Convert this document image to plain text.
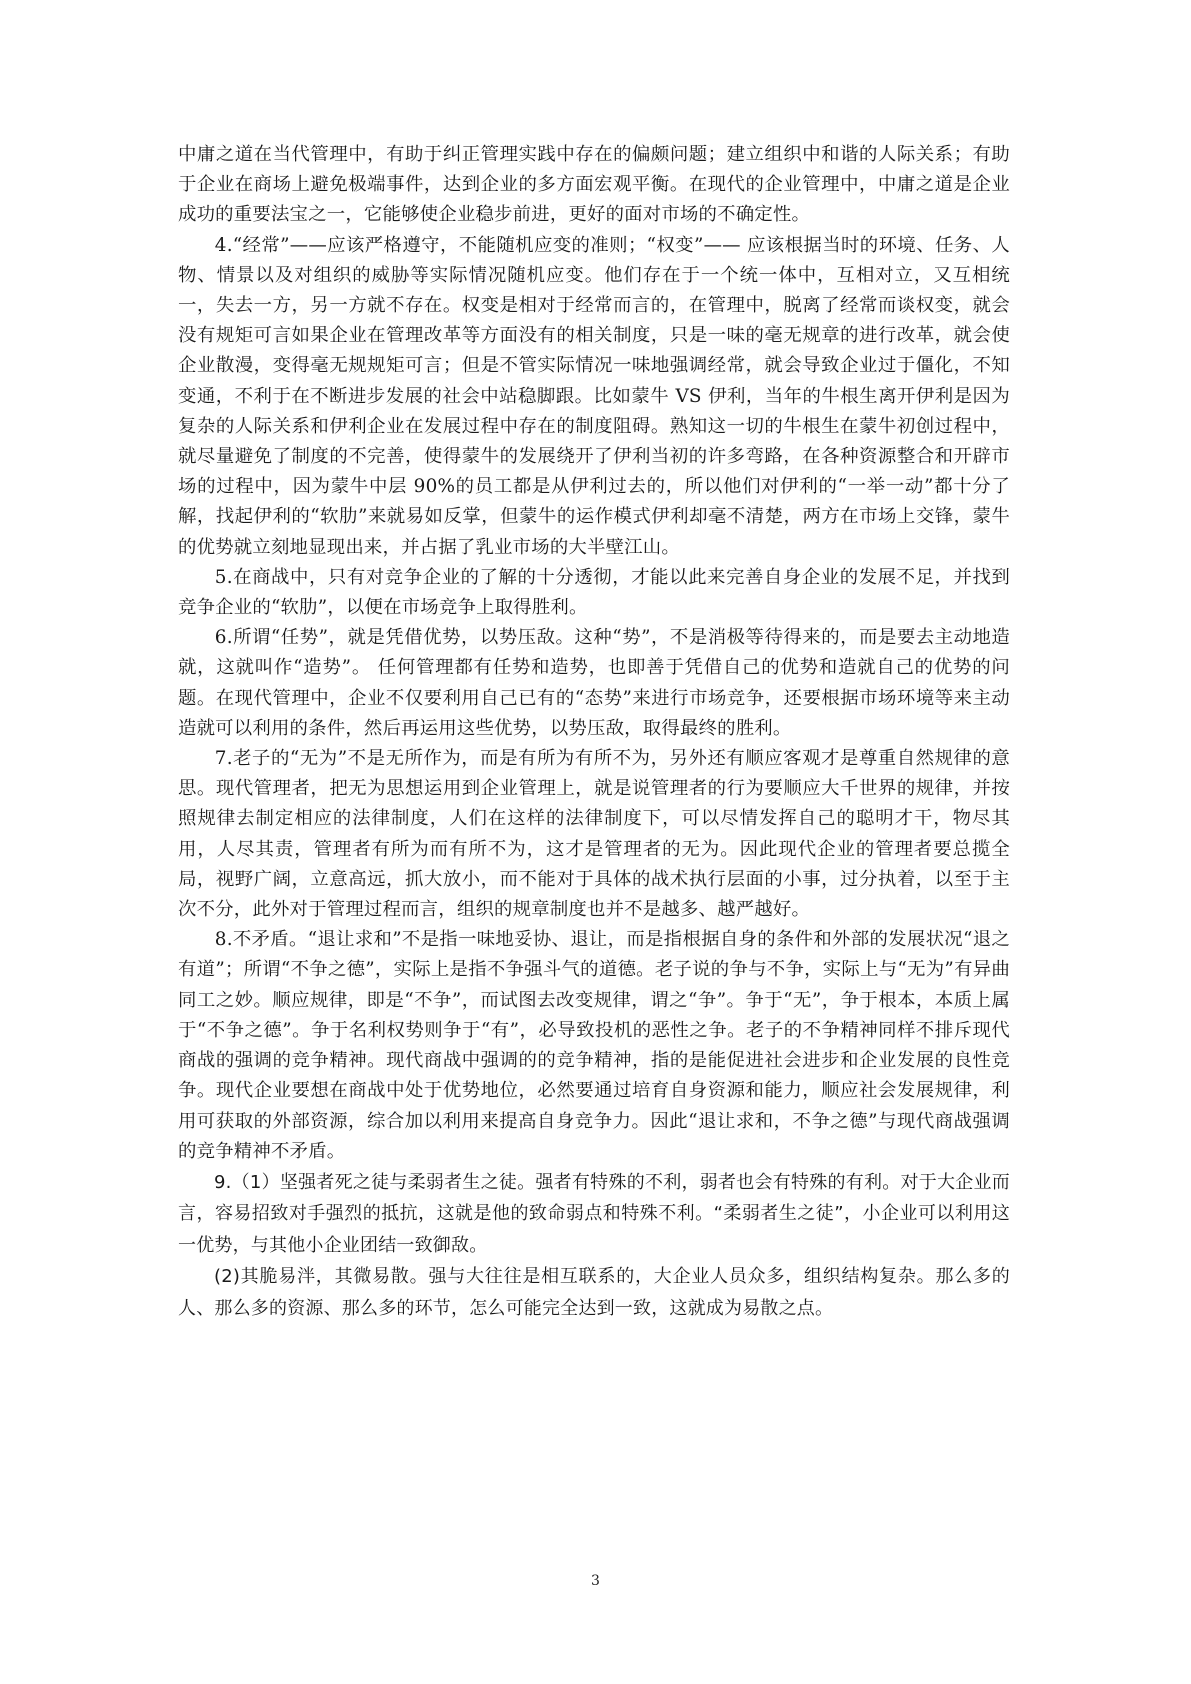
中庸之道在当代管理中，有助于纠正管理实践中存在的偏颇问题；建立组织中和谐的人际关系；有助于企业在商场上避免极端事件，达到企业的多方面宏观平衡。在现代的企业管理中，中庸之道是企业成功的重要法宝之一，它能够使企业稳步前进，更好的面对市场的不确定性。

4.“经常”——应该严格遵守，不能随机应变的准则；“权变”—— 应该根据当时的环境、任务、人物、情景以及对组织的威胁等实际情况随机应变。他们存在于一个统一体中，互相对立，又互相统一，失去一方，另一方就不存在。权变是相对于经常而言的，在管理中，脱离了经常而谈权变，就会没有规矩可言如果企业在管理改革等方面没有的相关制度，只是一味的毫无规章的进行改革，就会使企业散漫，变得毫无规规矩可言；但是不管实际情况一味地强调经常，就会导致企业过于僵化，不知变通，不利于在不断进步发展的社会中站稳脚跟。比如蒙牛 VS 伊利，当年的牛根生离开伊利是因为复杂的人际关系和伊利企业在发展过程中存在的制度阻碍。熟知这一切的牛根生在蒙牛初创过程中，就尽量避免了制度的不完善，使得蒙牛的发展绕开了伊利当初的许多弯路，在各种资源整合和开辟市场的过程中，因为蒙牛中层 90%的员工都是从伊利过去的，所以他们对伊利的“一举一动”都十分了解，找起伊利的“软肋”来就易如反掌，但蒙牛的运作模式伊利却毫不清楚，两方在市场上交锋，蒙牛的优势就立刻地显现出来，并占据了乳业市场的大半壁江山。

5.在商战中，只有对竞争企业的了解的十分透彻，才能以此来完善自身企业的发展不足，并找到竞争企业的“软肋”，以便在市场竞争上取得胜利。

6.所谓“任势”，就是凭借优势，以势压敌。这种“势”，不是消极等待得来的，而是要去主动地造就，这就叫作“造势”。 任何管理都有任势和造势，也即善于凭借自己的优势和造就自己的优势的问题。在现代管理中，企业不仅要利用自己已有的“态势”来进行市场竞争，还要根据市场环境等来主动造就可以利用的条件，然后再运用这些优势，以势压敌，取得最终的胜利。

7.老子的“无为”不是无所作为，而是有所为有所不为，另外还有顺应客观才是尊重自然规律的意思。现代管理者，把无为思想运用到企业管理上，就是说管理者的行为要顺应大千世界的规律，并按照规律去制定相应的法律制度，人们在这样的法律制度下，可以尽情发挥自己的聪明才干，物尽其用，人尽其责，管理者有所为而有所不为，这才是管理者的无为。因此现代企业的管理者要总揽全局，视野广阔，立意高远，抓大放小，而不能对于具体的战术执行层面的小事，过分执着，以至于主次不分，此外对于管理过程而言，组织的规章制度也并不是越多、越严越好。

8.不矛盾。“退让求和”不是指一味地妥协、退让，而是指根据自身的条件和外部的发展状况“退之有道”；所谓“不争之德”，实际上是指不争强斗气的道德。老子说的争与不争，实际上与“无为”有异曲同工之妙。顺应规律，即是“不争”，而试图去改变规律，谓之“争”。争于“无”，争于根本，本质上属于“不争之德”。争于名利权势则争于“有”，必导致投机的恶性之争。老子的不争精神同样不排斥现代商战的强调的竞争精神。现代商战中强调的的竞争精神，指的是能促进社会进步和企业发展的良性竞争。现代企业要想在商战中处于优势地位，必然要通过培育自身资源和能力，顺应社会发展规律，利用可获取的外部资源，综合加以利用来提高自身竞争力。因此“退让求和，不争之德”与现代商战强调的竞争精神不矛盾。

9.（1）坚强者死之徒与柔弱者生之徒。强者有特殊的不利，弱者也会有特殊的有利。对于大企业而言，容易招致对手强烈的抵抗，这就是他的致命弱点和特殊不利。“柔弱者生之徒”，小企业可以利用这一优势，与其他小企业团结一致御敌。

(2)其脆易泮，其微易散。强与大往往是相互联系的，大企业人员众多，组织结构复杂。那么多的人、那么多的资源、那么多的环节，怎么可能完全达到一致，这就成为易散之点。

3
